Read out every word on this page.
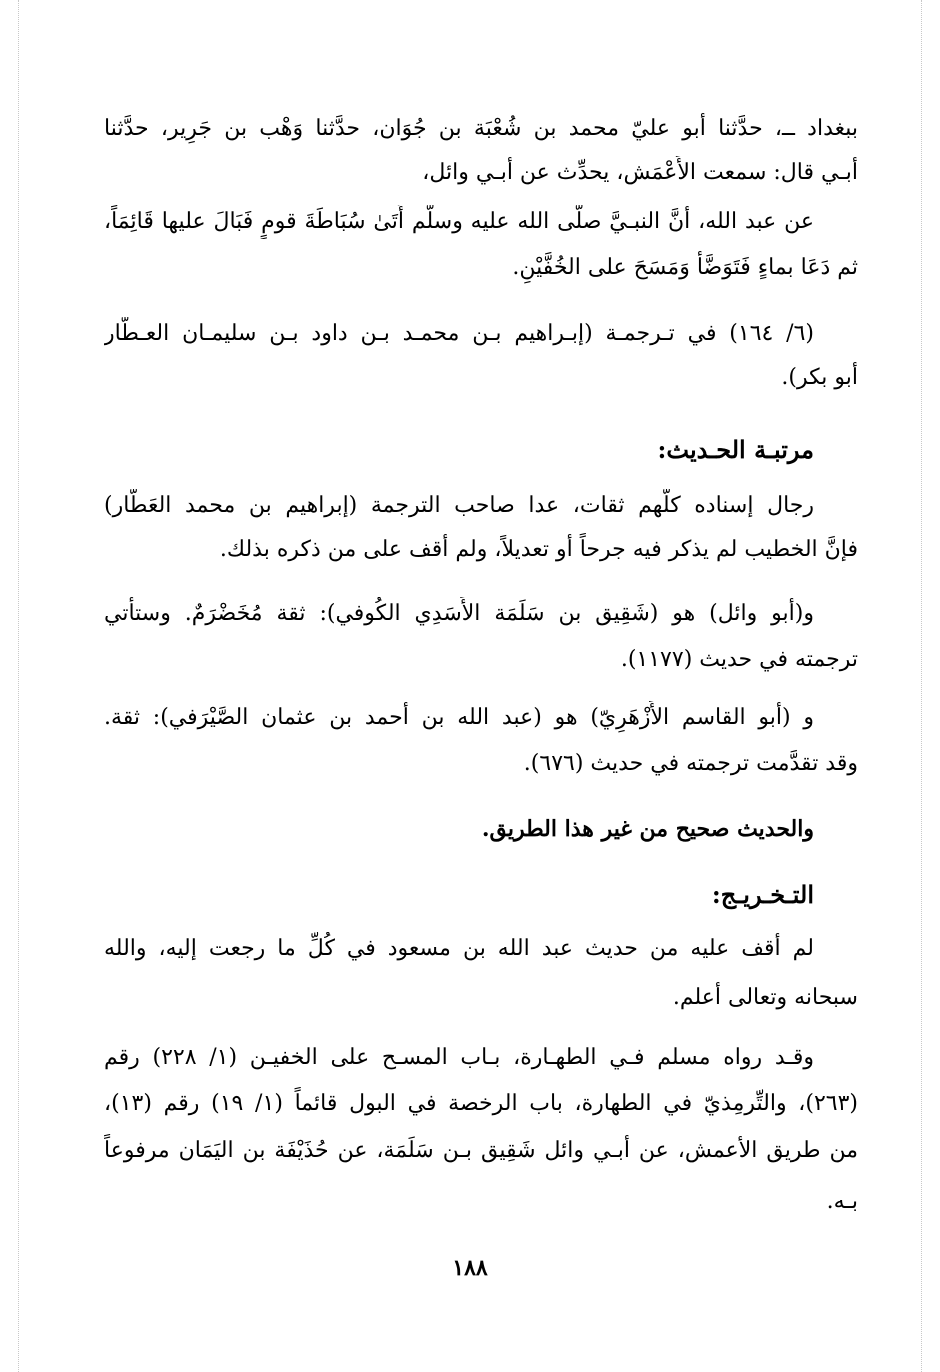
ببغداد ــ، حدَّثنا أبو عليّ محمد بن شُعْبَة بن جُوَان، حدَّثنا وَهْب بن جَرِير، حدَّثنا
أبـي قال: سمعت الأَعْمَش، يحدِّث عن أبـي وائل،
عن عبد الله، أنَّ النبـيَّ صلَّى الله عليه وسلَّم أَتَىٰ سُبَاطَةَ قومٍ فَبَالَ عليها قَائِمَاً،
ثم دَعَا بماءٍ فَتَوَضَّأَ وَمَسَحَ على الخُفَّيْنِ.
(٦/ ١٦٤) في تـرجمـة (إبـراهيم بـن محمـد بـن داود بـن سليمـان العـطَّار
أبو بكر).
مرتبـة الحـديث:
رجال إسناده كلُّهم ثقات، عدا صاحب الترجمة (إبراهيم بن محمد العَطَّار)
فإنَّ الخطيب لم يذكر فيه جرحاً أو تعديلاً، ولم أقف على من ذكره بذلك.
و(أبو وائل) هو (شَقِيق بن سَلَمَة الأَسَدِي الكُوفي): ثقة مُخَضْرَمٌ. وستأتي
ترجمته في حديث (١١٧٧).
و (أبو القاسم الأَزْهَرِيّ) هو (عبد الله بن أحمد بن عثمان الصَّيْرَفي): ثقة.
وقد تقدَّمت ترجمته في حديث (٦٧٦).
والحديث صحيح من غير هذا الطريق.
التـخـريـج:
لم أقف عليه من حديث عبد الله بن مسعود في كُلِّ ما رجعت إليه، والله
سبحانه وتعالى أعلم.
وقـد رواه مسلم فـي الطهـارة، بـاب المسـح على الخفيـن (١/ ٢٢٨) رقم
(٢٦٣)، والتِّرمِذيّ في الطهارة، باب الرخصة في البول قائماً (١/ ١٩) رقم (١٣)،
من طريق الأعمش، عن أبـي وائل شَقِيق بـن سَلَمَة، عن حُذَيْفَة بن اليَمَان مرفوعاً
بـه.
١٨٨
